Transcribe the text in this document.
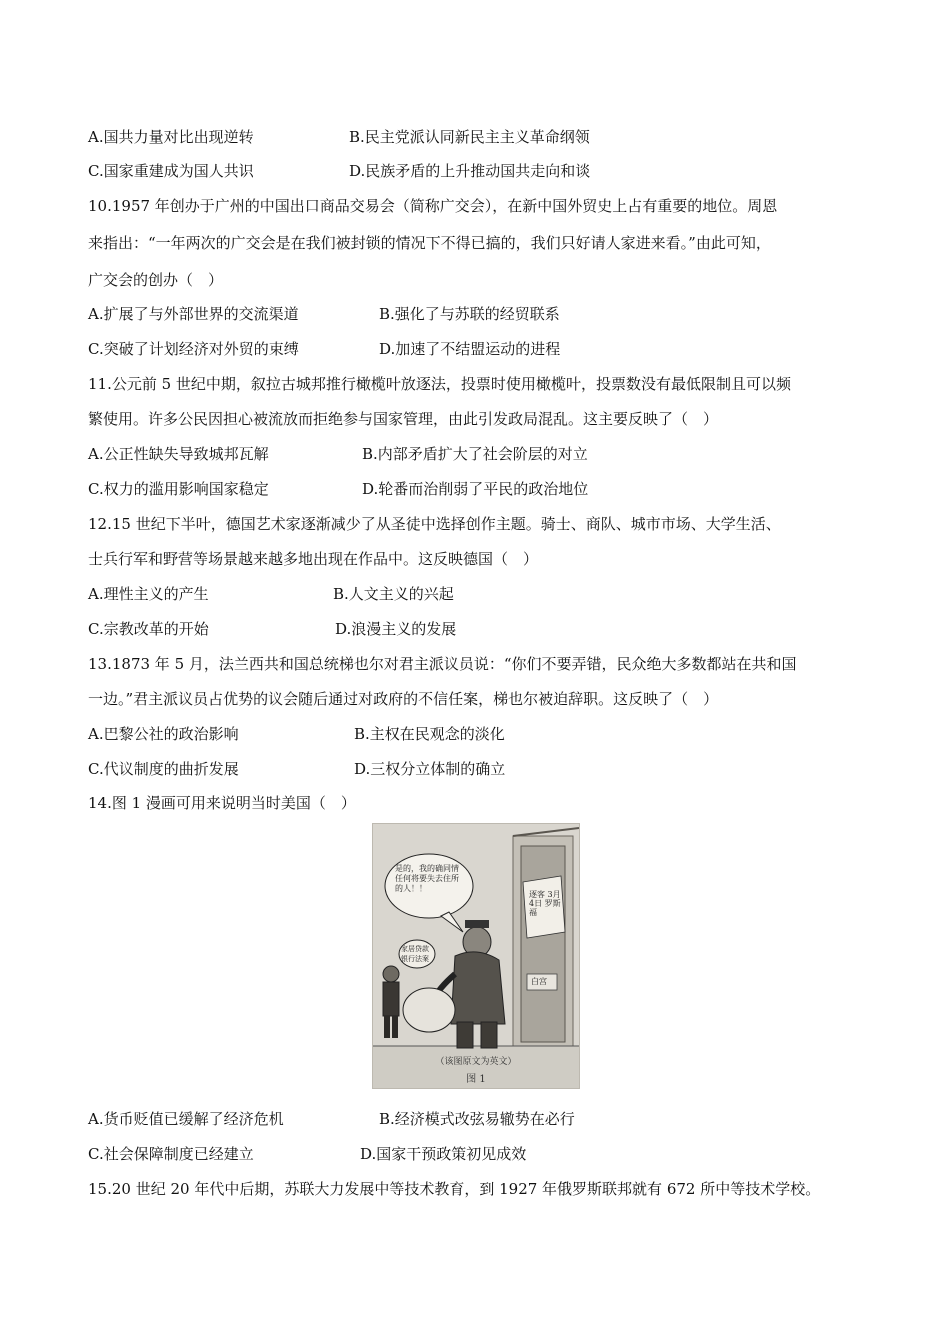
A.国共力量对比出现逆转	B.民主党派认同新民主主义革命纲领
C.国家重建成为国人共识	D.民族矛盾的上升推动国共走向和谈
10.1957 年创办于广州的中国出口商品交易会（简称广交会），在新中国外贸史上占有重要的地位。周恩
来指出：“一年两次的广交会是在我们被封锁的情况下不得已搞的，我们只好请人家进来看。”由此可知，
广交会的创办（　）
A.扩展了与外部世界的交流渠道	B.强化了与苏联的经贸联系
C.突破了计划经济对外贸的束缚	D.加速了不结盟运动的进程
11.公元前 5 世纪中期，叙拉古城邦推行橄榄叶放逐法，投票时使用橄榄叶，投票数没有最低限制且可以频
繁使用。许多公民因担心被流放而拒绝参与国家管理，由此引发政局混乱。这主要反映了（　）
A.公正性缺失导致城邦瓦解	B.内部矛盾扩大了社会阶层的对立
C.权力的滥用影响国家稳定	D.轮番而治削弱了平民的政治地位
12.15 世纪下半叶，德国艺术家逐渐减少了从圣徒中选择创作主题。骑士、商队、城市市场、大学生活、
士兵行军和野营等场景越来越多地出现在作品中。这反映德国（　）
A.理性主义的产生	B.人文主义的兴起
C.宗教改革的开始	D.浪漫主义的发展
13.1873 年 5 月，法兰西共和国总统梯也尔对君主派议员说：“你们不要弄错，民众绝大多数都站在共和国
一边。”君主派议员占优势的议会随后通过对政府的不信任案，梯也尔被迫辞职。这反映了（　）
A.巴黎公社的政治影响	B.主权在民观念的淡化
C.代议制度的曲折发展	D.三权分立体制的确立
14.图 1 漫画可用来说明当时美国（　）
是的，我的确同情任何将要失去住所的人！！
家居贷款银行法案
逐客 3月4日 罗斯福
白宫
（该图原文为英文）
图 1
A.货币贬值已缓解了经济危机	B.经济模式改弦易辙势在必行
C.社会保障制度已经建立	D.国家干预政策初见成效
15.20 世纪 20 年代中后期，苏联大力发展中等技术教育，到 1927 年俄罗斯联邦就有 672 所中等技术学校。
